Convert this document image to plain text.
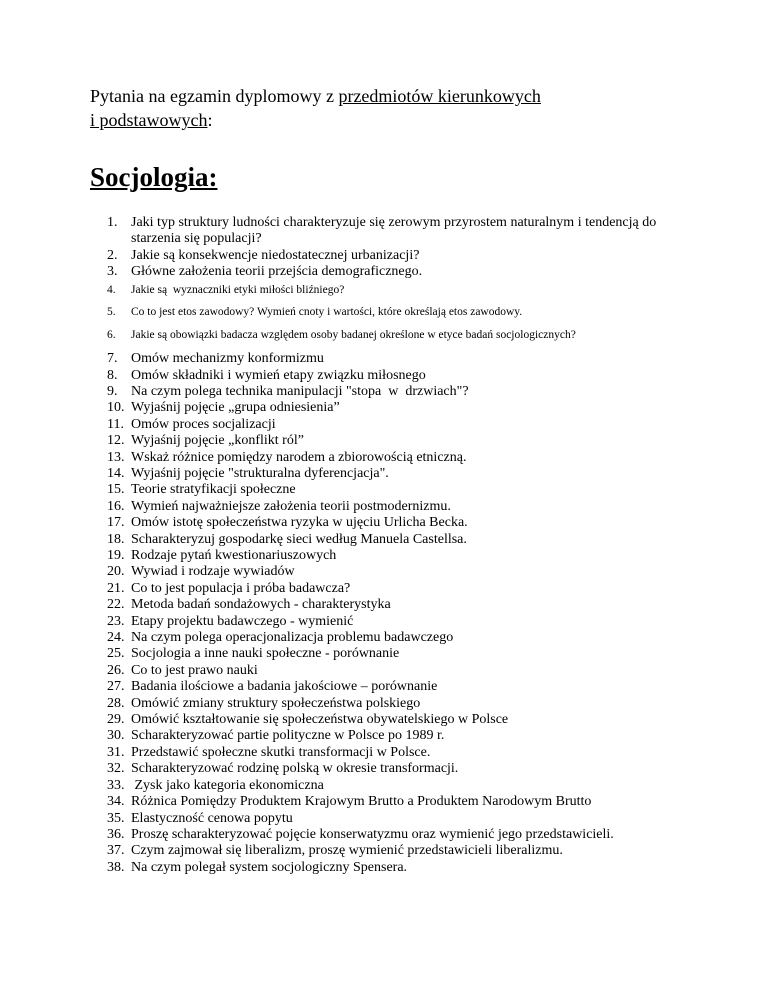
Pytania na egzamin dyplomowy z przedmiotów kierunkowych
i podstawowych:
Socjologia:
1. Jaki typ struktury ludności charakteryzuje się zerowym przyrostem naturalnym i tendencją do starzenia się populacji?
2. Jakie są konsekwencje niedostatecznej urbanizacji?
3. Główne założenia teorii przejścia demograficznego.
4.	Jakie są  wyznaczniki etyki miłości bliźniego?
5.	Co to jest etos zawodowy? Wymień cnoty i wartości, które określają etos zawodowy.
6.	Jakie są obowiązki badacza względem osoby badanej określone w etyce badań socjologicznych?
7. Omów mechanizmy konformizmu
8. Omów składniki i wymień etapy związku miłosnego
9. Na czym polega technika manipulacji "stopa  w  drzwiach"?
10. Wyjaśnij pojęcie „grupa odniesienia”
11. Omów proces socjalizacji
12. Wyjaśnij pojęcie „konflikt ról”
13. Wskaż różnice pomiędzy narodem a zbiorowością etniczną.
14. Wyjaśnij pojęcie "strukturalna dyferencjacja".
15. Teorie stratyfikacji społeczne
16. Wymień najważniejsze założenia teorii postmodernizmu.
17. Omów istotę społeczeństwa ryzyka w ujęciu Urlicha Becka.
18. Scharakteryzuj gospodarkę sieci według Manuela Castellsa.
19. Rodzaje pytań kwestionariuszowych
20. Wywiad i rodzaje wywiadów
21. Co to jest populacja i próba badawcza?
22. Metoda badań sondażowych - charakterystyka
23. Etapy projektu badawczego - wymienić
24. Na czym polega operacjonalizacja problemu badawczego
25. Socjologia a inne nauki społeczne - porównanie
26. Co to jest prawo nauki
27. Badania ilościowe a badania jakościowe – porównanie
28. Omówić zmiany struktury społeczeństwa polskiego
29. Omówić kształtowanie się społeczeństwa obywatelskiego w Polsce
30. Scharakteryzować partie polityczne w Polsce po 1989 r.
31. Przedstawić społeczne skutki transformacji w Polsce.
32. Scharakteryzować rodzinę polską w okresie transformacji.
33. Zysk jako kategoria ekonomiczna
34. Różnica Pomiędzy Produktem Krajowym Brutto a Produktem Narodowym Brutto
35. Elastyczność cenowa popytu
36. Proszę scharakteryzować pojęcie konserwatyzmu oraz wymienić jego przedstawicieli.
37. Czym zajmował się liberalizm, proszę wymienić przedstawicieli liberalizmu.
38. Na czym polegał system socjologiczny Spensera.
